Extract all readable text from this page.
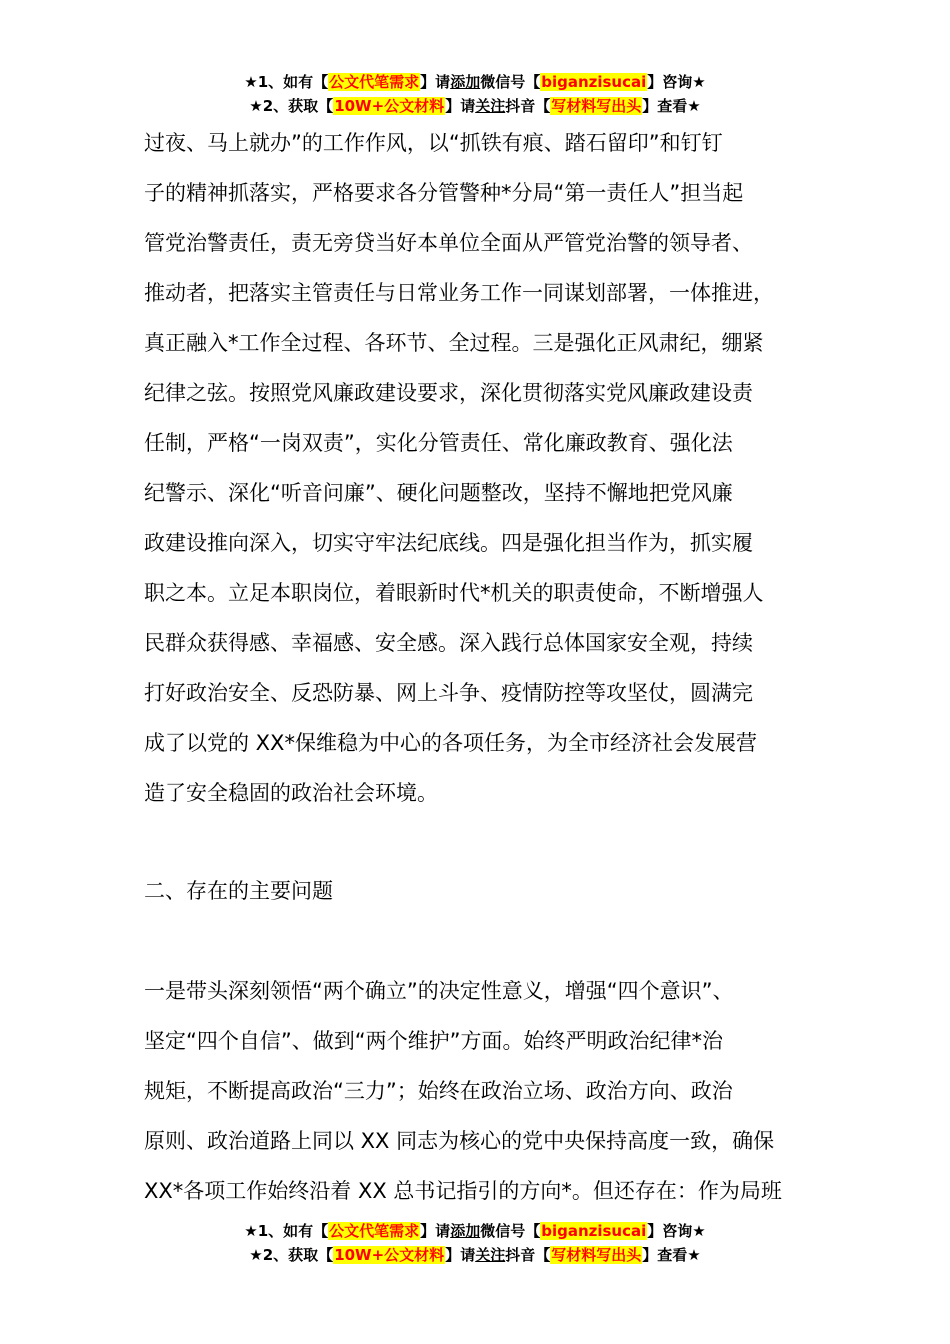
★1、如有【公文代笔需求】请添加微信号【biganzisucai】咨询★
★2、获取【10W+公文材料】请关注抖音【写材料写出头】查看★
过夜、马上就办”的工作作风，以“抓铁有痕、踏石留印”和钉钉
子的精神抓落实，严格要求各分管警种*分局“第一责任人”担当起
管党治警责任，责无旁贷当好本单位全面从严管党治警的领导者、
推动者，把落实主管责任与日常业务工作一同谋划部署，一体推进，
真正融入*工作全过程、各环节、全过程。三是强化正风肃纪，绷紧
纪律之弦。按照党风廉政建设要求，深化贯彻落实党风廉政建设责
任制，严格“一岗双责”，实化分管责任、常化廉政教育、强化法
纪警示、深化“听音问廉”、硬化问题整改，坚持不懈地把党风廉
政建设推向深入，切实守牢法纪底线。四是强化担当作为，抓实履
职之本。立足本职岗位，着眼新时代*机关的职责使命，不断增强人
民群众获得感、幸福感、安全感。深入践行总体国家安全观，持续
打好政治安全、反恐防暴、网上斗争、疫情防控等攻坚仗，圆满完
成了以党的 XX*保维稳为中心的各项任务，为全市经济社会发展营
造了安全稳固的政治社会环境。
二、存在的主要问题
一是带头深刻领悟“两个确立”的决定性意义，增强“四个意识”、
坚定“四个自信”、做到“两个维护”方面。始终严明政治纪律*治
规矩，不断提高政治“三力”；始终在政治立场、政治方向、政治
原则、政治道路上同以 XX 同志为核心的党中央保持高度一致，确保
XX*各项工作始终沿着 XX 总书记指引的方向*。但还存在：作为局班
★1、如有【公文代笔需求】请添加微信号【biganzisucai】咨询★
★2、获取【10W+公文材料】请关注抖音【写材料写出头】查看★
